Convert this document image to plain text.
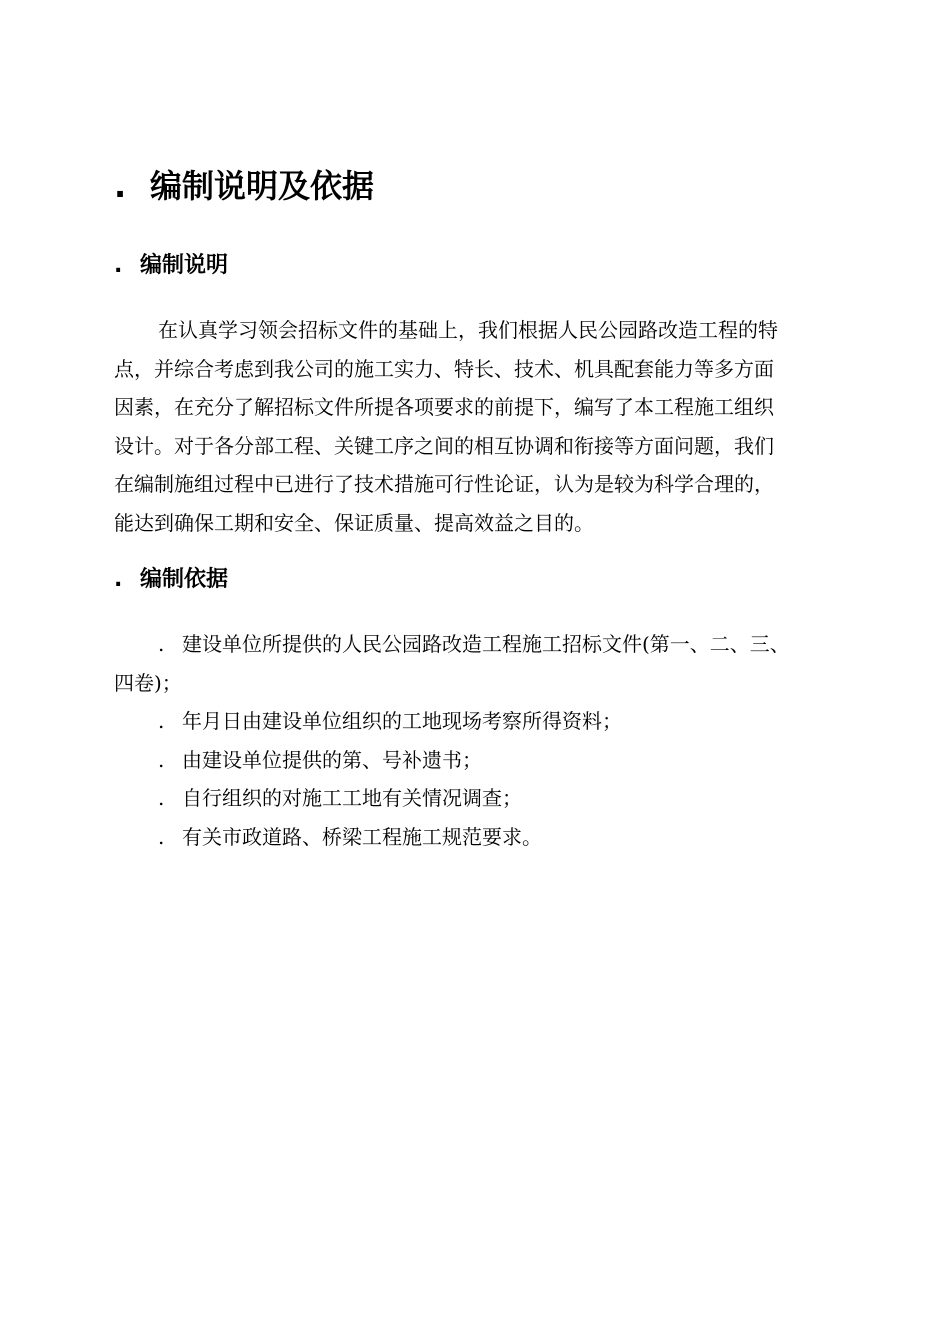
. 编制说明及依据
. 编制说明
在认真学习领会招标文件的基础上，我们根据人民公园路改造工程的特
点，并综合考虑到我公司的施工实力、特长、技术、机具配套能力等多方面
因素，在充分了解招标文件所提各项要求的前提下，编写了本工程施工组织
设计。对于各分部工程、关键工序之间的相互协调和衔接等方面问题，我们
在编制施组过程中已进行了技术措施可行性论证，认为是较为科学合理的，
能达到确保工期和安全、保证质量、提高效益之目的。
. 编制依据
. 建设单位所提供的人民公园路改造工程施工招标文件(第一、二、三、
四卷)；
. 年月日由建设单位组织的工地现场考察所得资料；
. 由建设单位提供的第、号补遗书；
. 自行组织的对施工工地有关情况调查；
. 有关市政道路、桥梁工程施工规范要求。
